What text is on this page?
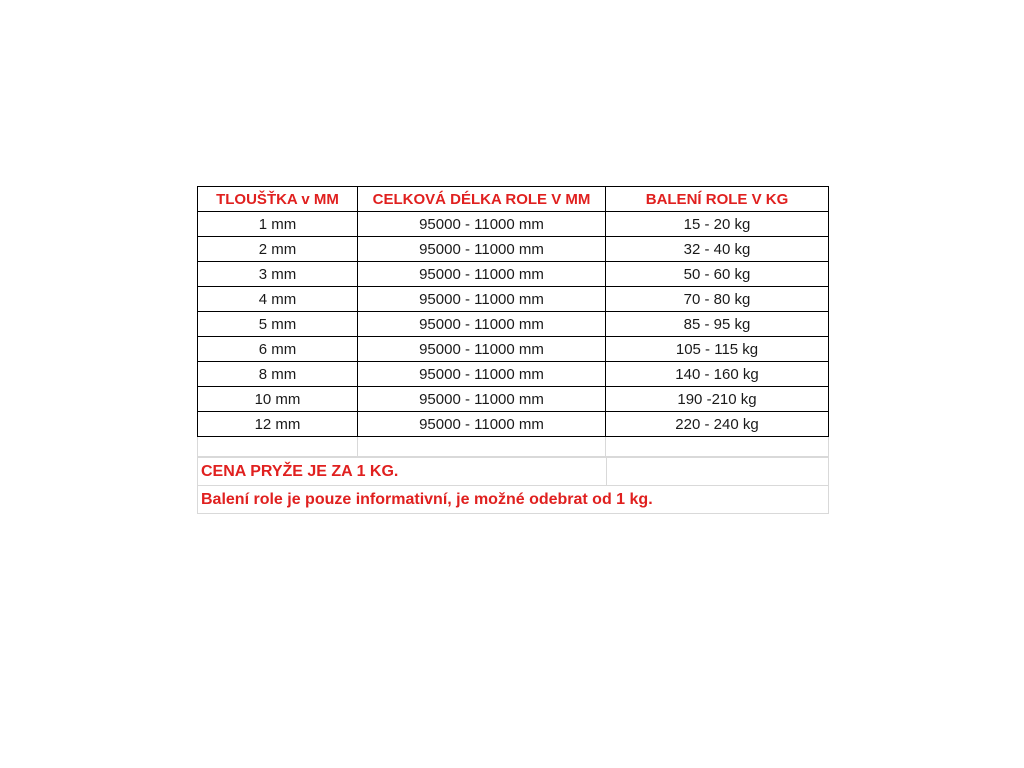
TLOUŠŤKA v MM	CELKOVÁ DÉLKA ROLE V MM	BALENÍ ROLE V KG
1 mm	95000 - 11000 mm	15 - 20 kg
2 mm	95000 - 11000 mm	32 - 40 kg
3 mm	95000 - 11000 mm	50 - 60 kg
4 mm	95000 - 11000 mm	70 - 80 kg
5 mm	95000 - 11000 mm	85 - 95 kg
6 mm	95000 - 11000 mm	105 - 115 kg
8 mm	95000 - 11000 mm	140 - 160 kg
10 mm	95000 - 11000 mm	190 -210 kg
12 mm	95000 - 11000 mm	220 - 240 kg

CENA PRYŽE JE ZA 1 KG.	
Balení role je pouze informativní, je možné odebrat od 1 kg.
